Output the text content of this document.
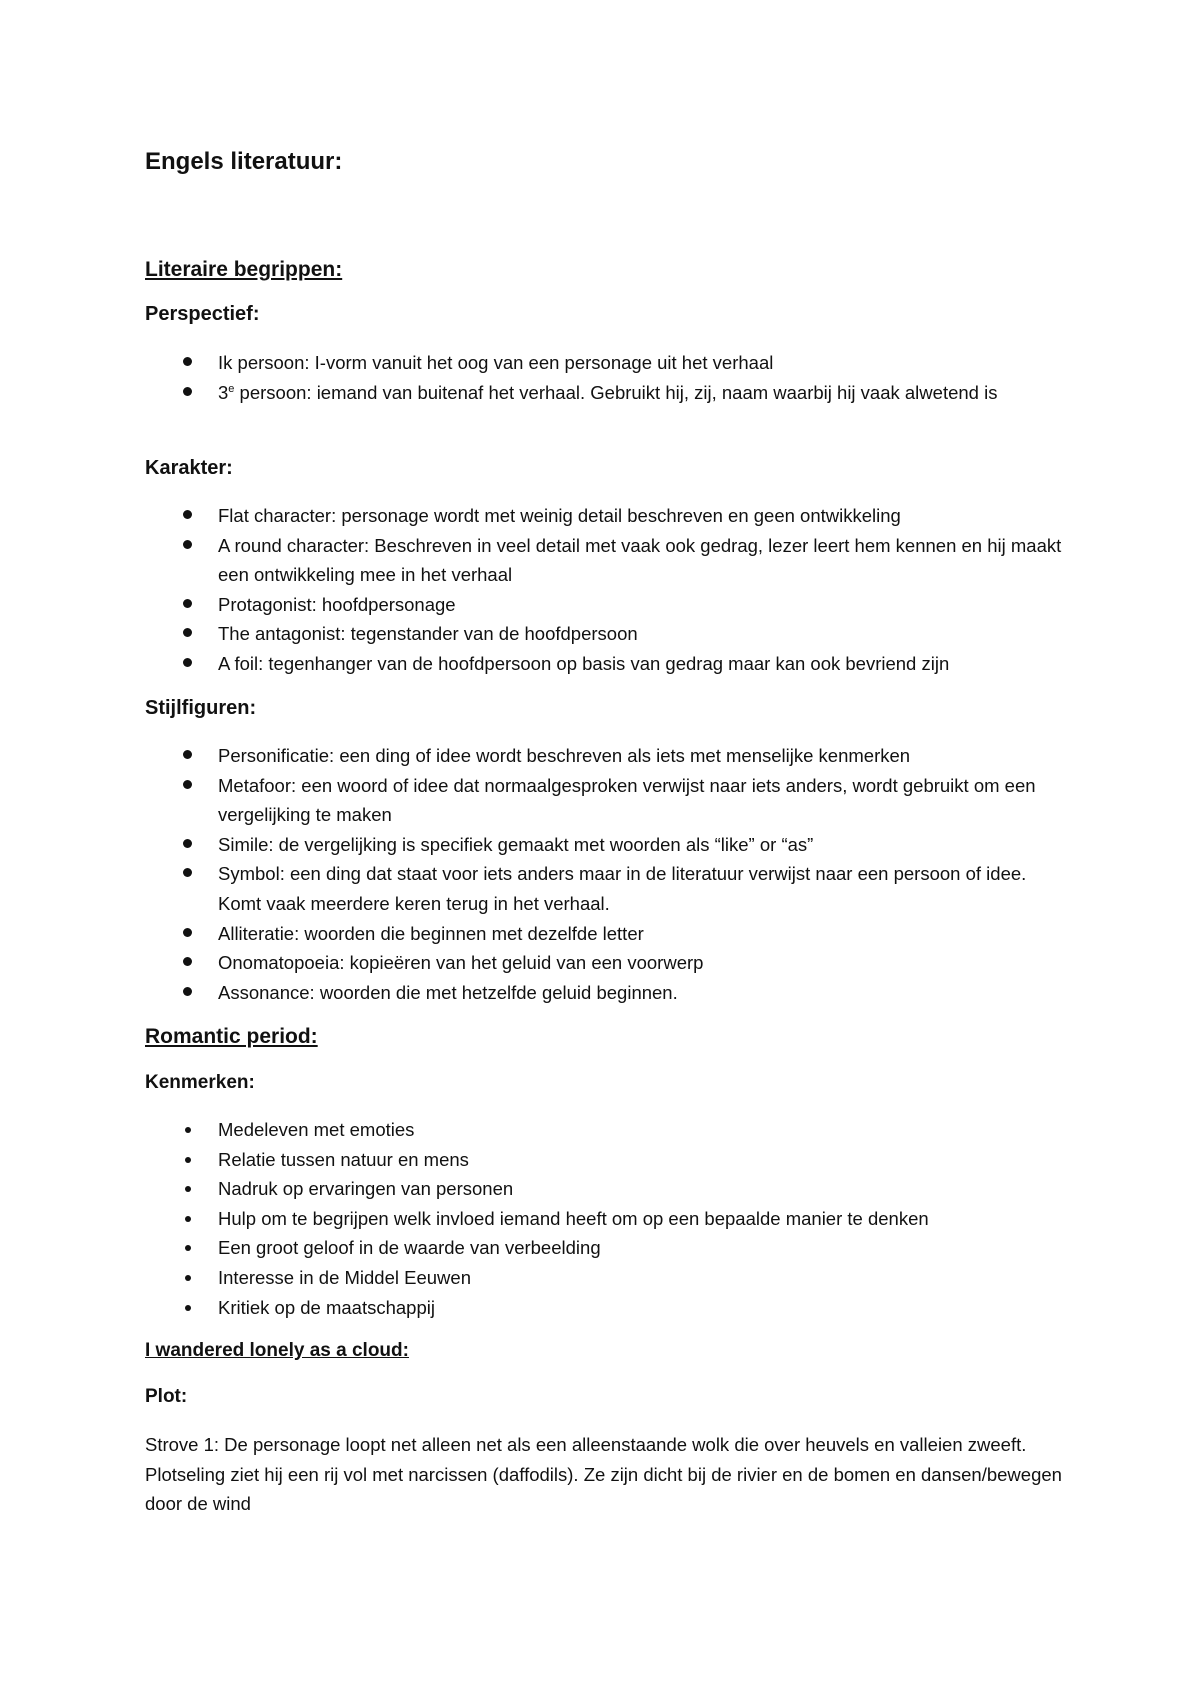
Engels literatuur:
Literaire begrippen:
Perspectief:
Ik persoon: I-vorm vanuit het oog van een personage uit het verhaal
3e persoon: iemand van buitenaf het verhaal. Gebruikt hij, zij, naam waarbij hij vaak alwetend is
Karakter:
Flat character: personage wordt met weinig detail beschreven en geen ontwikkeling
A round character: Beschreven in veel detail met vaak ook gedrag, lezer leert hem kennen en hij maakt een ontwikkeling mee in het verhaal
Protagonist: hoofdpersonage
The antagonist: tegenstander van de hoofdpersoon
A foil: tegenhanger van de hoofdpersoon op basis van gedrag maar kan ook bevriend zijn
Stijlfiguren:
Personificatie: een ding of idee wordt beschreven als iets met menselijke kenmerken
Metafoor: een woord of idee dat normaalgesproken verwijst naar iets anders, wordt gebruikt om een vergelijking te maken
Simile: de vergelijking is specifiek gemaakt met woorden als “like” or “as”
Symbol: een ding dat staat voor iets anders maar in de literatuur verwijst naar een persoon of idee. Komt vaak meerdere keren terug in het verhaal.
Alliteratie: woorden die beginnen met dezelfde letter
Onomatopoeia: kopieëren van het geluid van een voorwerp
Assonance: woorden die met hetzelfde geluid beginnen.
Romantic period:
Kenmerken:
Medeleven met emoties
Relatie tussen natuur en mens
Nadruk op ervaringen van personen
Hulp om te begrijpen welk invloed iemand heeft om op een bepaalde manier te denken
Een groot geloof in de waarde van verbeelding
Interesse in de Middel Eeuwen
Kritiek op de maatschappij
I wandered lonely as a cloud:
Plot:

Strove 1: De personage loopt net alleen net als een alleenstaande wolk die over heuvels en valleien zweeft. Plotseling ziet hij een rij vol met narcissen (daffodils). Ze zijn dicht bij de rivier en de bomen en dansen/bewegen door de wind
